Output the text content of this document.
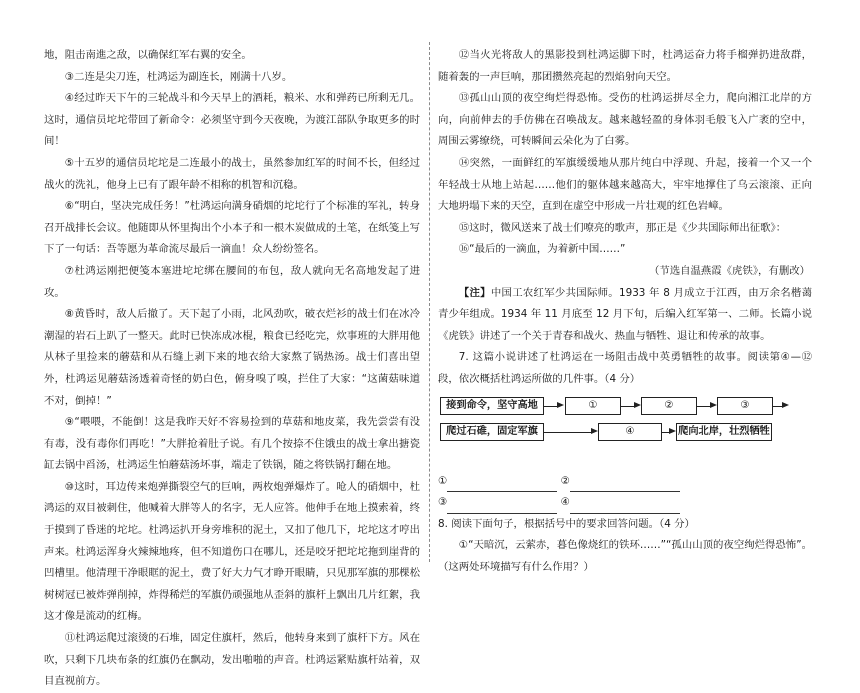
地，阻击南進之敌，以确保红军右翼的安全。

③二连是尖刀连，杜鸿运为副连长，刚满十八岁。

④经过昨天下午的三轮战斗和今天早上的酒耗，粮米、水和弹药已所剩无几。这时，通信员坨坨带回了新命令：必须坚守到今天夜晚，为渡江部队争取更多的时间！

⑤十五岁的通信员坨坨是二连最小的战士，虽然参加红军的时间不长，但经过战火的洗礼，他身上已有了跟年龄不相称的机智和沉稳。

⑥“明白，坚决完成任务！”杜鸿运向满身硝烟的坨坨行了个标准的军礼，转身召开战排长会议。他随即从怀里掏出个小本子和一根木炭做成的土笔，在纸笺上写下了一句话：吾等愿为革命流尽最后一滴血！众人纷纷签名。

⑦杜鸿运刚把便笺本塞进坨坨绑在腰间的布包，敌人就向无名高地发起了进攻。

⑧黄昏时，敌人后撤了。天下起了小雨，北风劲吹，破衣烂衫的战士们在冰冷潮湿的岩石上趴了一整天。此时已快冻成冰棍，粮食已经吃完，炊事班的大胖用他从林子里捡来的蘑菇和从石缝上剥下来的地衣给大家熬了锅热汤。战士们喜出望外，杜鸿运见蘑菇汤透着奇怪的奶白色，俯身嗅了嗅，拦住了大家：“这菌菇味道不对，倒掉！”

⑨“喂喂，不能倒！这是我昨天好不容易捡到的草菇和地皮菜，我先尝尝有没有毒，没有毒你们再吃！”大胖抢着肚子说。有几个按捺不住饿虫的战士拿出搪瓷缸去锅中舀汤，杜鸿运生怕蘑菇汤坏事，端走了铁锅，随之将铁锅打翻在地。

⑩这时，耳边传来炮弹撕裂空气的巨响，两枚炮弹爆炸了。呛人的硝烟中，杜鸿运的双目被刺住，他喊着大胖等人的名字，无人应答。他伸手在地上摸索着，终于摸到了昏迷的坨坨。杜鸿运扒开身旁堆积的泥土，又扣了他几下，坨坨这才哼出声来。杜鸿运浑身火辣辣地疼，但不知道伤口在哪儿，还是咬牙把坨坨拖到崖背的凹槽里。他清理干净眼眶的泥土，费了好大力气才睁开眼睛，只见那军旗的那棵松树树冠已被炸弹削掉，炸得稀烂的军旗仍顽强地从歪斜的旗杆上飘出几片红絮，我这才像是流动的红梅。

⑪杜鸿运爬过滚烫的石堆，固定住旗杆，然后，他转身来到了旗杆下方。风在吹，只剩下几块布条的红旗仍在飘动，发出啪啪的声音。杜鸿运紧贴旗杆站着，双目直视前方。

⑫当火光将敌人的黑影投到杜鸿运脚下时，杜鸿运奋力将手榴弹扔进敌群，随着轰的一声巨响，那团攒然亮起的烈焰射向天空。

⑬孤山山顶的夜空绚烂得恐怖。受伤的杜鸿运拼尽全力，爬向湘江北岸的方向，向前伸去的手仿佛在召唤战友。越来越轻盈的身体羽毛般飞入广袤的空中，周围云雾缭绕，可转瞬间云朵化为了白雾。

⑭突然，一面鲜红的军旗缓缓地从那片纯白中浮现、升起，接着一个又一个年轻战士从地上站起……他们的躯体越来越高大，牢牢地撑住了乌云滚滚、正向大地坍塌下来的天空，直到在虚空中形成一片壮观的红色岩嶂。

⑮这时，微风送来了战士们嘹亮的歌声，那正是《少共国际师出征歌》：

⑯“最后的一滴血，为着新中国……”

（节选自温燕霞《虎铁》，有删改）

【注】中国工农红军少共国际师。1933 年 8 月成立于江西，由万余名楷蔼青少年组成。1934 年 11 月底至 12 月下旬，后编入红军第一、二师。长篇小说《虎铁》讲述了一个关于青春和战火、热血与牺牲、退让和传承的故事。

7. 这篇小说讲述了杜鸿运在一场阻击战中英勇牺牲的故事。阅读第④—⑫段，依次概括杜鸿运所做的几件事。（4 分）

接到命令，坚守高地	①	②	③
爬过石碓，固定军旗	④	爬向北岸，壮烈牺牲

①	②

③	④

8. 阅读下面句子，根据括号中的要求回答问题。（4 分）

①“天暗沉，云萦赤，暮色像烧红的铁环……”“孤山山顶的夜空绚烂得恐怖”。（这两处环境描写有什么作用？）
